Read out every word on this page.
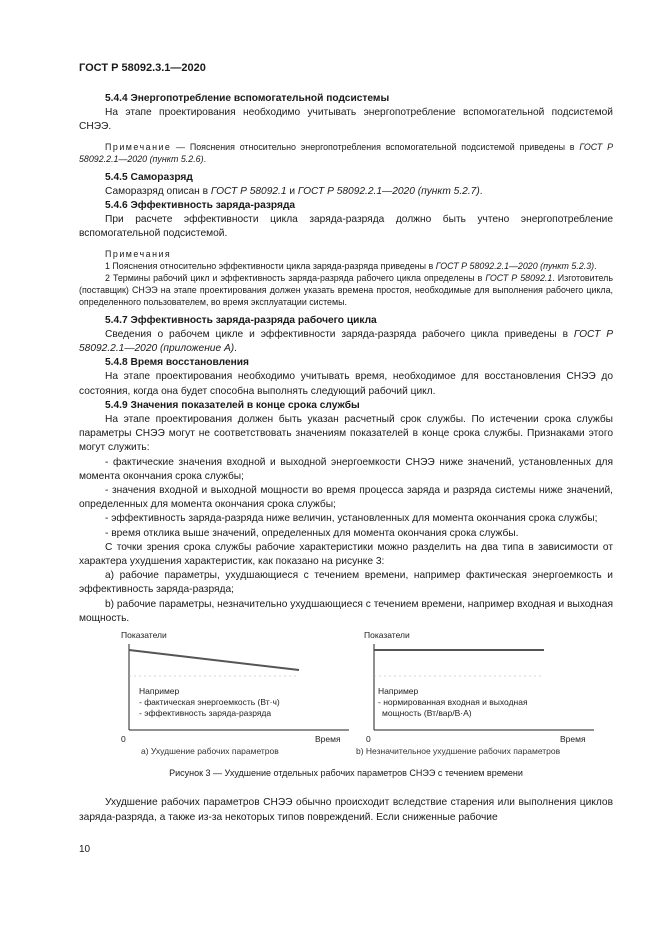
ГОСТ Р 58092.3.1—2020

5.4.4 Энергопотребление вспомогательной подсистемы

На этапе проектирования необходимо учитывать энергопотребление вспомогательной подсистемой СНЭЭ.

Примечание — Пояснения относительно энергопотребления вспомогательной подсистемой приведены в ГОСТ Р 58092.2.1—2020 (пункт 5.2.6).

5.4.5 Саморазряд

Саморазряд описан в ГОСТ Р 58092.1 и ГОСТ Р 58092.2.1—2020 (пункт 5.2.7).

5.4.6 Эффективность заряда-разряда

При расчете эффективности цикла заряда-разряда должно быть учтено энергопотребление вспомогательной подсистемой.

Примечания

1 Пояснения относительно эффективности цикла заряда-разряда приведены в ГОСТ Р 58092.2.1—2020 (пункт 5.2.3).

2 Термины рабочий цикл и эффективность заряда-разряда рабочего цикла определены в ГОСТ Р 58092.1. Изготовитель (поставщик) СНЭЭ на этапе проектирования должен указать времена простоя, необходимые для выполнения рабочего цикла, определенного пользователем, во время эксплуатации системы.

5.4.7 Эффективность заряда-разряда рабочего цикла

Сведения о рабочем цикле и эффективности заряда-разряда рабочего цикла приведены в ГОСТ Р 58092.2.1—2020 (приложение А).

5.4.8 Время восстановления

На этапе проектирования необходимо учитывать время, необходимое для восстановления СНЭЭ до состояния, когда она будет способна выполнять следующий рабочий цикл.

5.4.9 Значения показателей в конце срока службы

На этапе проектирования должен быть указан расчетный срок службы. По истечении срока службы параметры СНЭЭ могут не соответствовать значениям показателей в конце срока службы. Признаками этого могут служить:

- фактические значения входной и выходной энергоемкости СНЭЭ ниже значений, установленных для момента окончания срока службы;

- значения входной и выходной мощности во время процесса заряда и разряда системы ниже значений, определенных для момента окончания срока службы;

- эффективность заряда-разряда ниже величин, установленных для момента окончания срока службы;

- время отклика выше значений, определенных для момента окончания срока службы.

С точки зрения срока службы рабочие характеристики можно разделить на два типа в зависимости от характера ухудшения характеристик, как показано на рисунке 3:

a) рабочие параметры, ухудшающиеся с течением времени, например фактическая энергоемкость и эффективность заряда-разряда;

b) рабочие параметры, незначительно ухудшающиеся с течением времени, например входная и выходная мощность.

Показатели
0	Время
Например
- фактическая энергоемкость (Вт·ч)
- эффективность заряда-разряда
а) Ухудшение рабочих параметров
Показатели
0	Время
Например
- нормированная входная и выходная
мощность (Вт/вар/В·А)
b) Незначительное ухудшение рабочих параметров

Рисунок 3 — Ухудшение отдельных рабочих параметров СНЭЭ с течением времени

Ухудшение рабочих параметров СНЭЭ обычно происходит вследствие старения или выполнения циклов заряда-разряда, а также из-за некоторых типов повреждений. Если сниженные рабочие

10
